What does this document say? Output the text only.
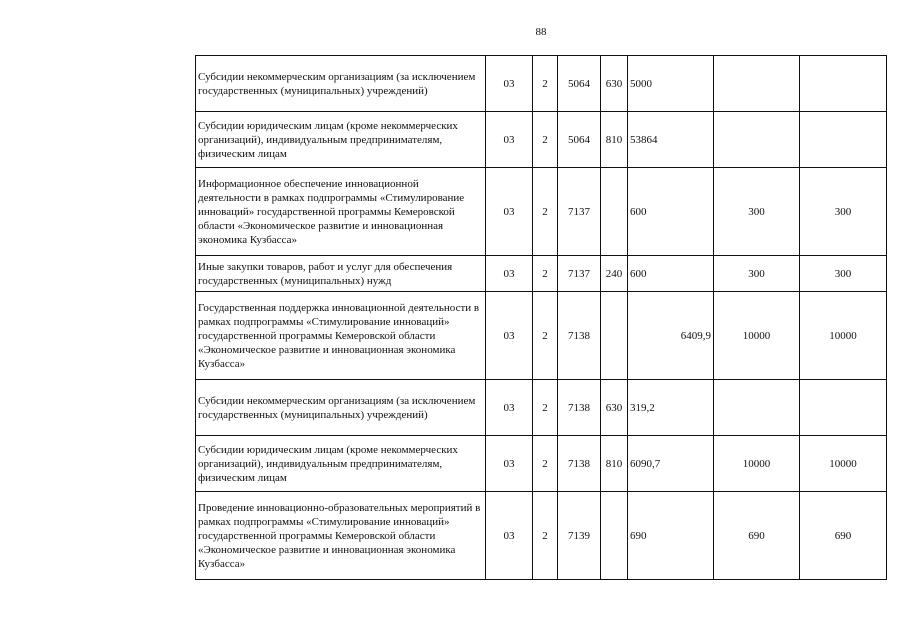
88
Субсидии некоммерческим организациям (за исключением государственных (муниципальных) учреждений)	03	2	5064	630	5000		
Субсидии юридическим лицам (кроме некоммерческих организаций), индивидуальным предпринимателям, физическим лицам	03	2	5064	810	53864		
Информационное обеспечение инновационной деятельности в рамках подпрограммы «Стимулирование инноваций» государственной программы Кемеровской области «Экономическое развитие и инновационная экономика Кузбасса»	03	2	7137		600	300	300
Иные закупки товаров, работ и услуг для обеспечения государственных (муниципальных) нужд	03	2	7137	240	600	300	300
Государственная поддержка инновационной деятельности в рамках подпрограммы «Стимулирование инноваций» государственной программы Кемеровской области «Экономическое развитие и инновационная экономика Кузбасса»	03	2	7138		6409,9	10000	10000
Субсидии некоммерческим организациям (за исключением государственных (муниципальных) учреждений)	03	2	7138	630	319,2		
Субсидии юридическим лицам (кроме некоммерческих организаций), индивидуальным предпринимателям, физическим лицам	03	2	7138	810	6090,7	10000	10000
Проведение инновационно-образовательных мероприятий в рамках подпрограммы «Стимулирование инноваций» государственной программы Кемеровской области «Экономическое развитие и инновационная экономика Кузбасса»	03	2	7139		690	690	690
